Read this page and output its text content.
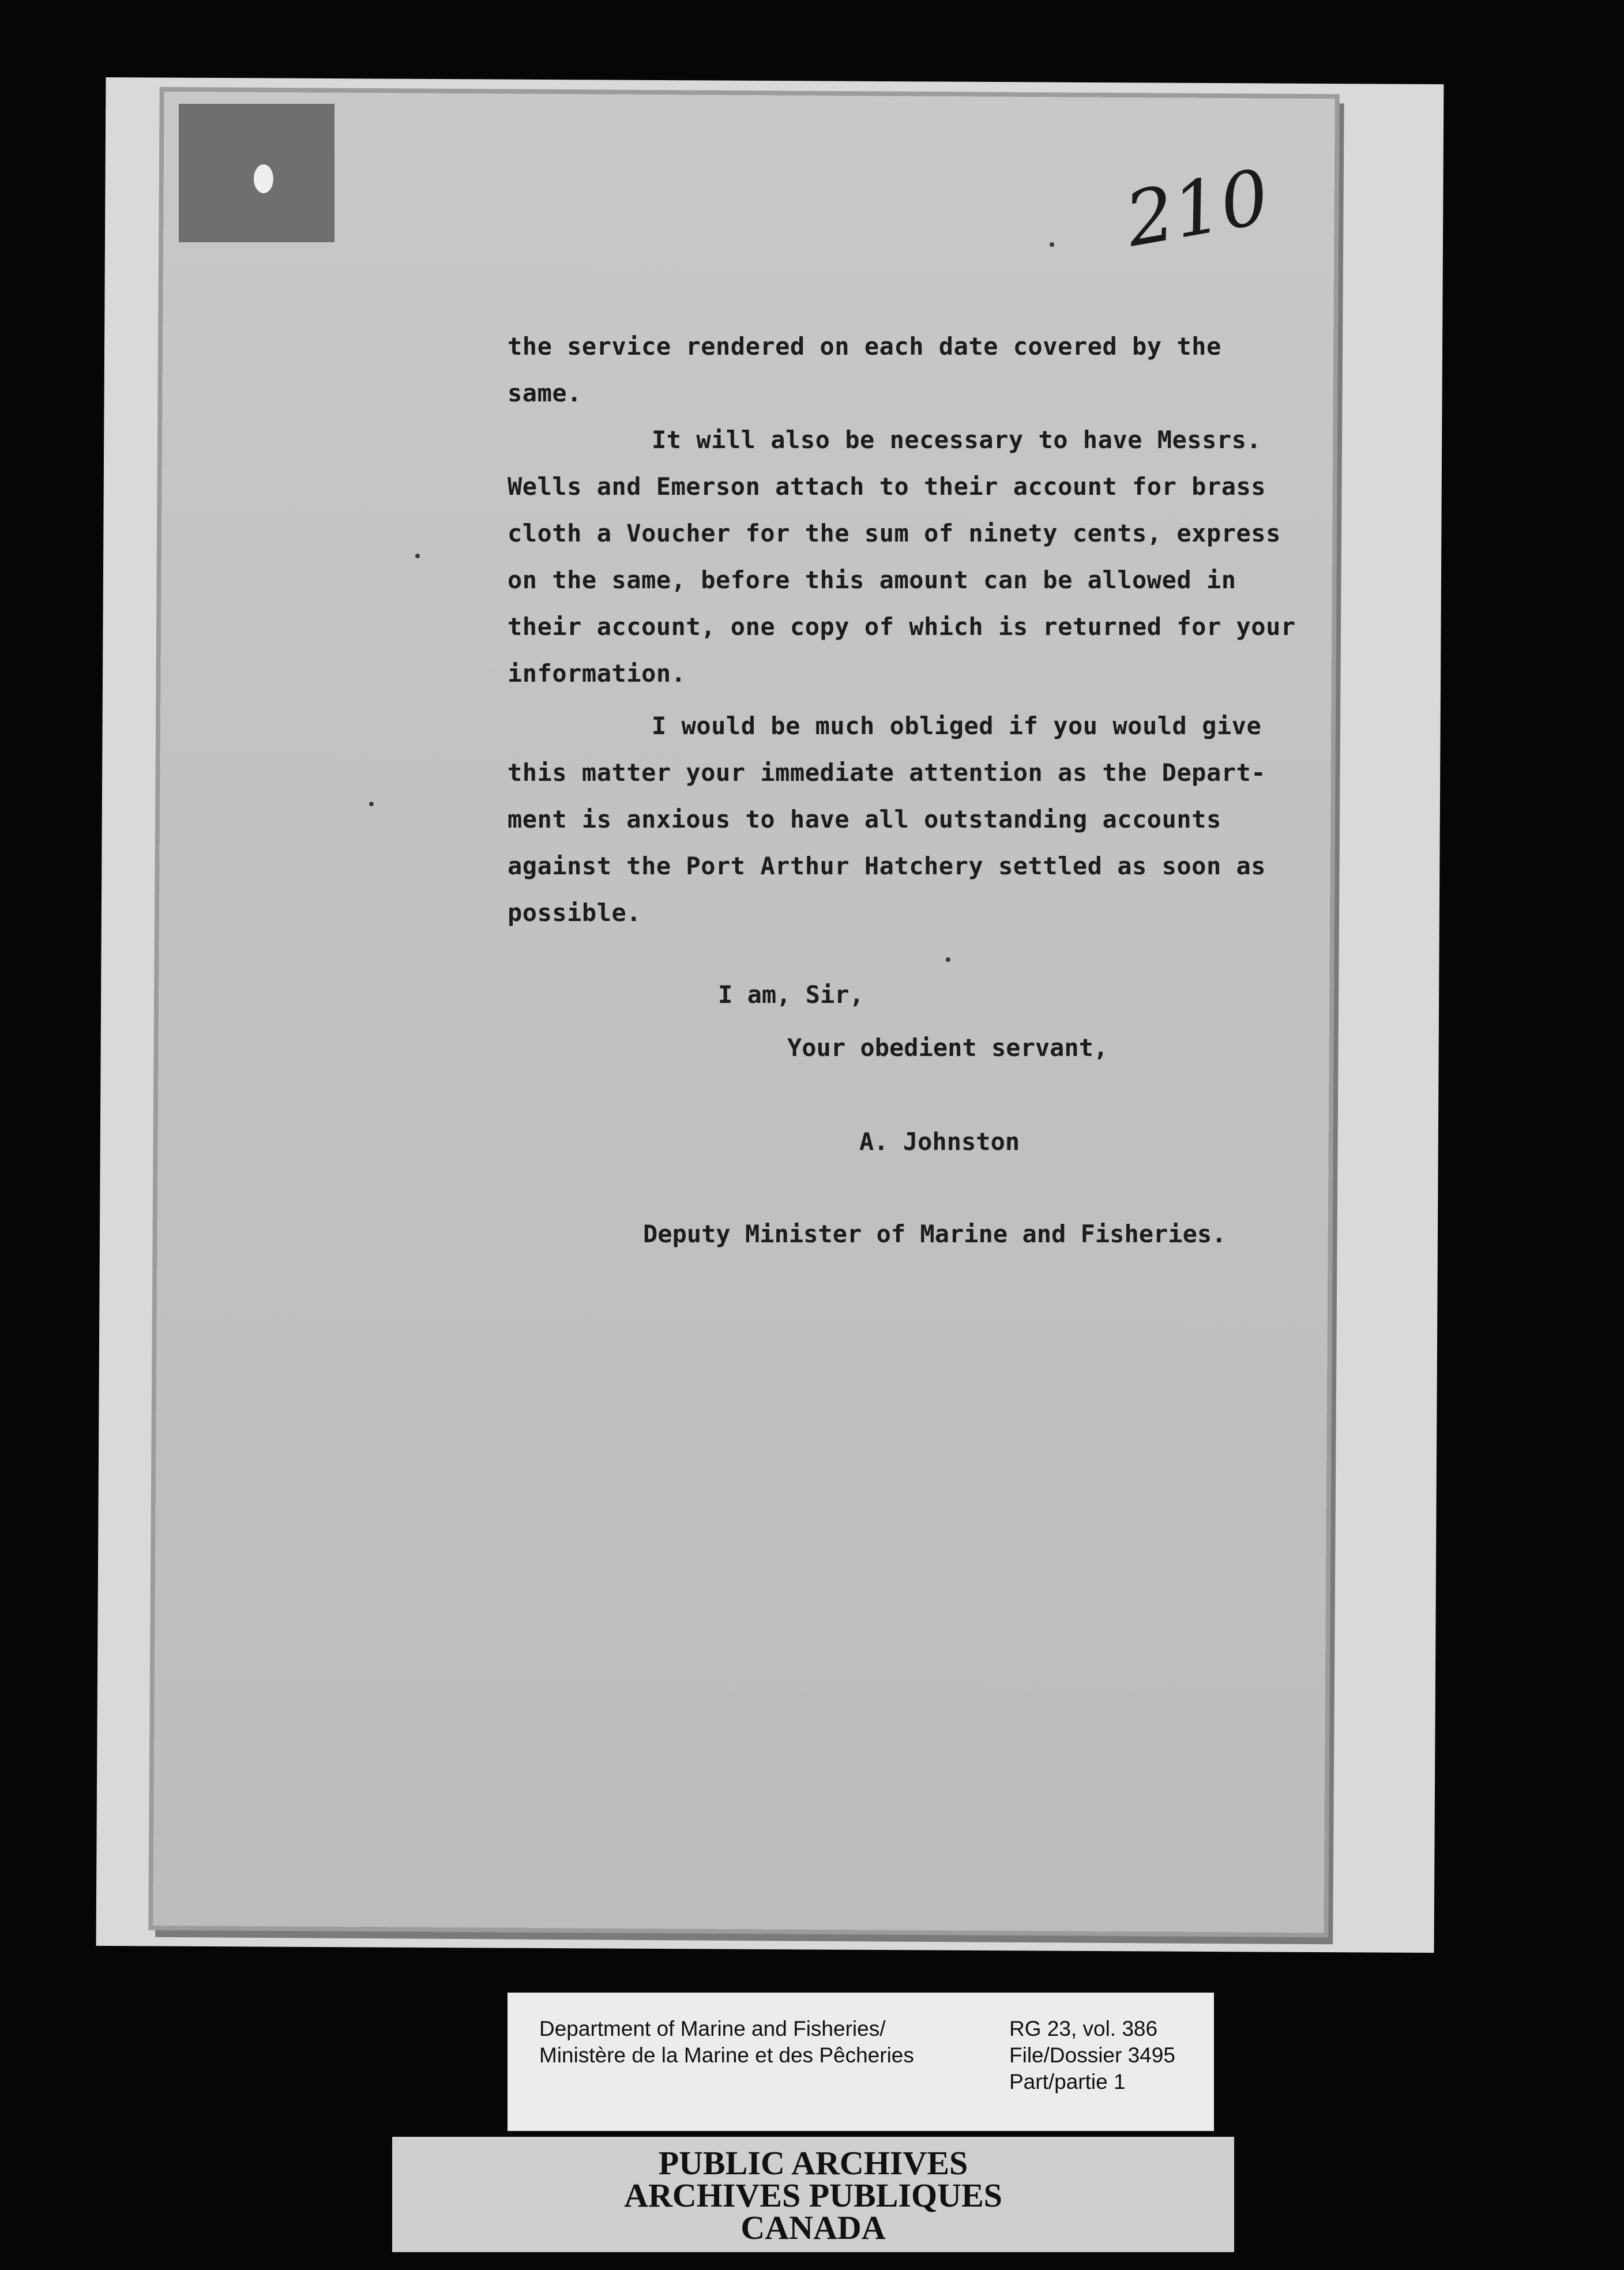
210

the service rendered on each date covered by the

same.

It will also be necessary to have Messrs.

Wells and Emerson attach to their account for brass

cloth a Voucher for the sum of ninety cents, express

on the same, before this amount can be allowed in

their account, one copy of which is returned for your

information.

I would be much obliged if you would give

this matter your immediate attention as the Depart-

ment is anxious to have all outstanding accounts

against the Port Arthur Hatchery settled as soon as

possible.

I am, Sir,
Your obedient servant,
A. Johnston
Deputy Minister of Marine and Fisheries.
Department of Marine and Fisheries/
Ministère de la Marine et des Pêcheries
RG 23, vol. 386
File/Dossier 3495
Part/partie 1
PUBLIC ARCHIVES
ARCHIVES PUBLIQUES
CANADA
